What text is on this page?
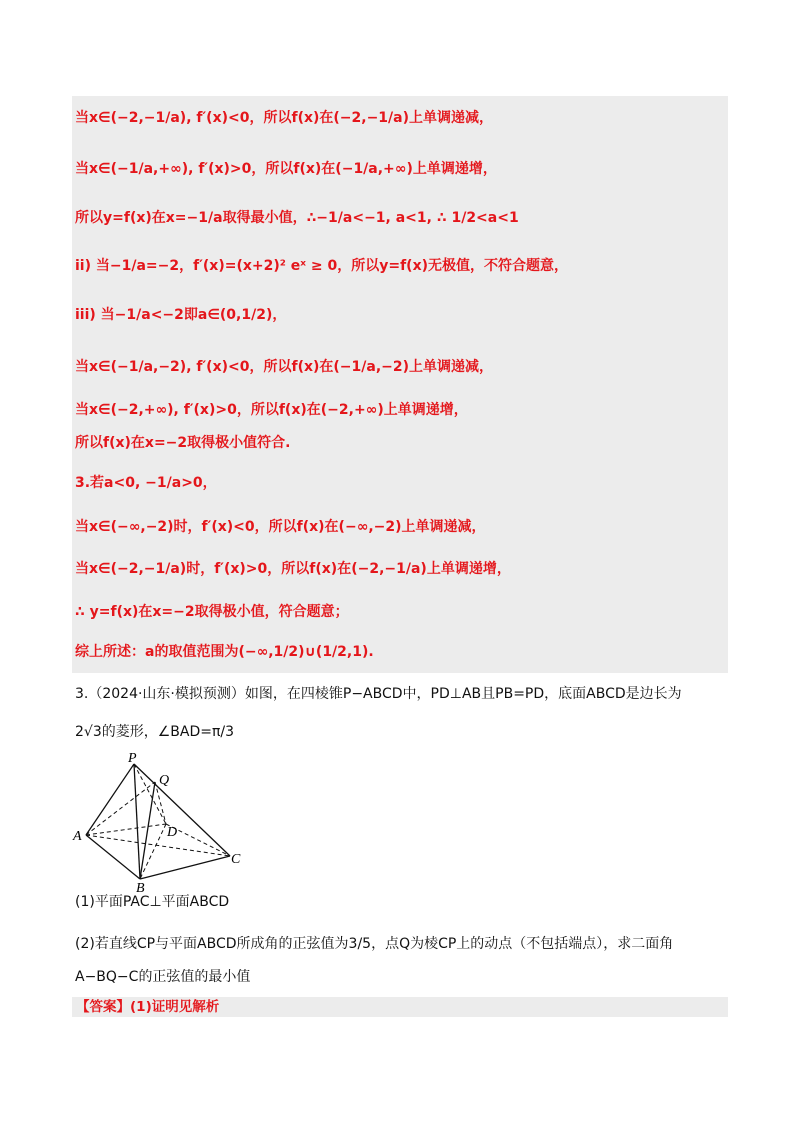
当x∈(−2,−1/a), f′(x)<0，所以f(x)在(−2,−1/a)上单调递减，
当x∈(−1/a,+∞), f′(x)>0，所以f(x)在(−1/a,+∞)上单调递增，
所以y=f(x)在x=−1/a取得最小值，∴−1/a<−1, a<1, ∴ 1/2<a<1
ii) 当−1/a=−2，f′(x)=(x+2)² eˣ ≥ 0，所以y=f(x)无极值，不符合题意，
iii) 当−1/a<−2即a∈(0,1/2)，
当x∈(−1/a,−2), f′(x)<0，所以f(x)在(−1/a,−2)上单调递减，
当x∈(−2,+∞), f′(x)>0，所以f(x)在(−2,+∞)上单调递增，
所以f(x)在x=−2取得极小值符合.
3.若a<0, −1/a>0，
当x∈(−∞,−2)时，f′(x)<0，所以f(x)在(−∞,−2)上单调递减，
当x∈(−2,−1/a)时，f′(x)>0，所以f(x)在(−2,−1/a)上单调递增，
∴ y=f(x)在x=−2取得极小值，符合题意；
综上所述：a的取值范围为(−∞,1/2)∪(1/2,1).
3.（2024·山东·模拟预测）如图，在四棱锥P−ABCD中，PD⊥AB且PB=PD，底面ABCD是边长为
2√3的菱形，∠BAD=π/3
P
Q
A	D
B
C
(1)平面PAC⊥平面ABCD
(2)若直线CP与平面ABCD所成角的正弦值为3/5，点Q为棱CP上的动点（不包括端点），求二面角
A−BQ−C的正弦值的最小值
【答案】(1)证明见解析
